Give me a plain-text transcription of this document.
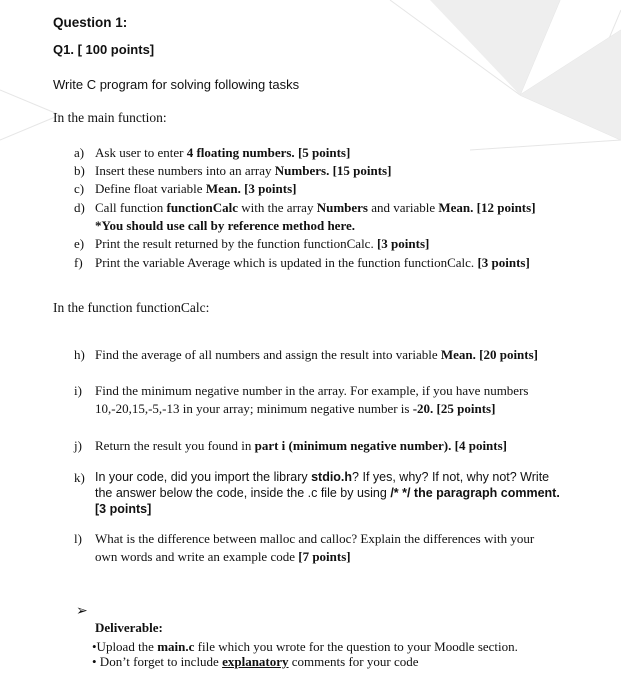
Question 1:
Q1. [ 100 points]
Write C program for solving following tasks
In the main function:
a) Ask user to enter 4 floating numbers. [5 points]
b) Insert these numbers into an array Numbers. [15 points]
c) Define float variable Mean. [3 points]
d) Call function functionCalc with the array Numbers and variable Mean. [12 points]
*You should use call by reference method here.
e) Print the result returned by the function functionCalc. [3 points]
f) Print the variable Average which is updated in the function functionCalc. [3 points]
In the function functionCalc:
h) Find the average of all numbers and assign the result into variable Mean. [20 points]
i)	Find the minimum negative number in the array. For example, if you have numbers
10,-20,15,-5,-13 in your array; minimum negative number is -20. [25 points]
j)	Return the result you found in part i (minimum negative number). [4 points]
k) In your code, did you import the library stdio.h? If yes, why? If not, why not? Write
the answer below the code, inside the .c file by using /* */ the paragraph comment.
[3 points]
l)	What is the difference between malloc and calloc? Explain the differences with your
own words and write an example code [7 points]
➢
Deliverable:
•Upload the main.c file which you wrote for the question to your Moodle section.
• Don’t forget to include explanatory comments for your code
